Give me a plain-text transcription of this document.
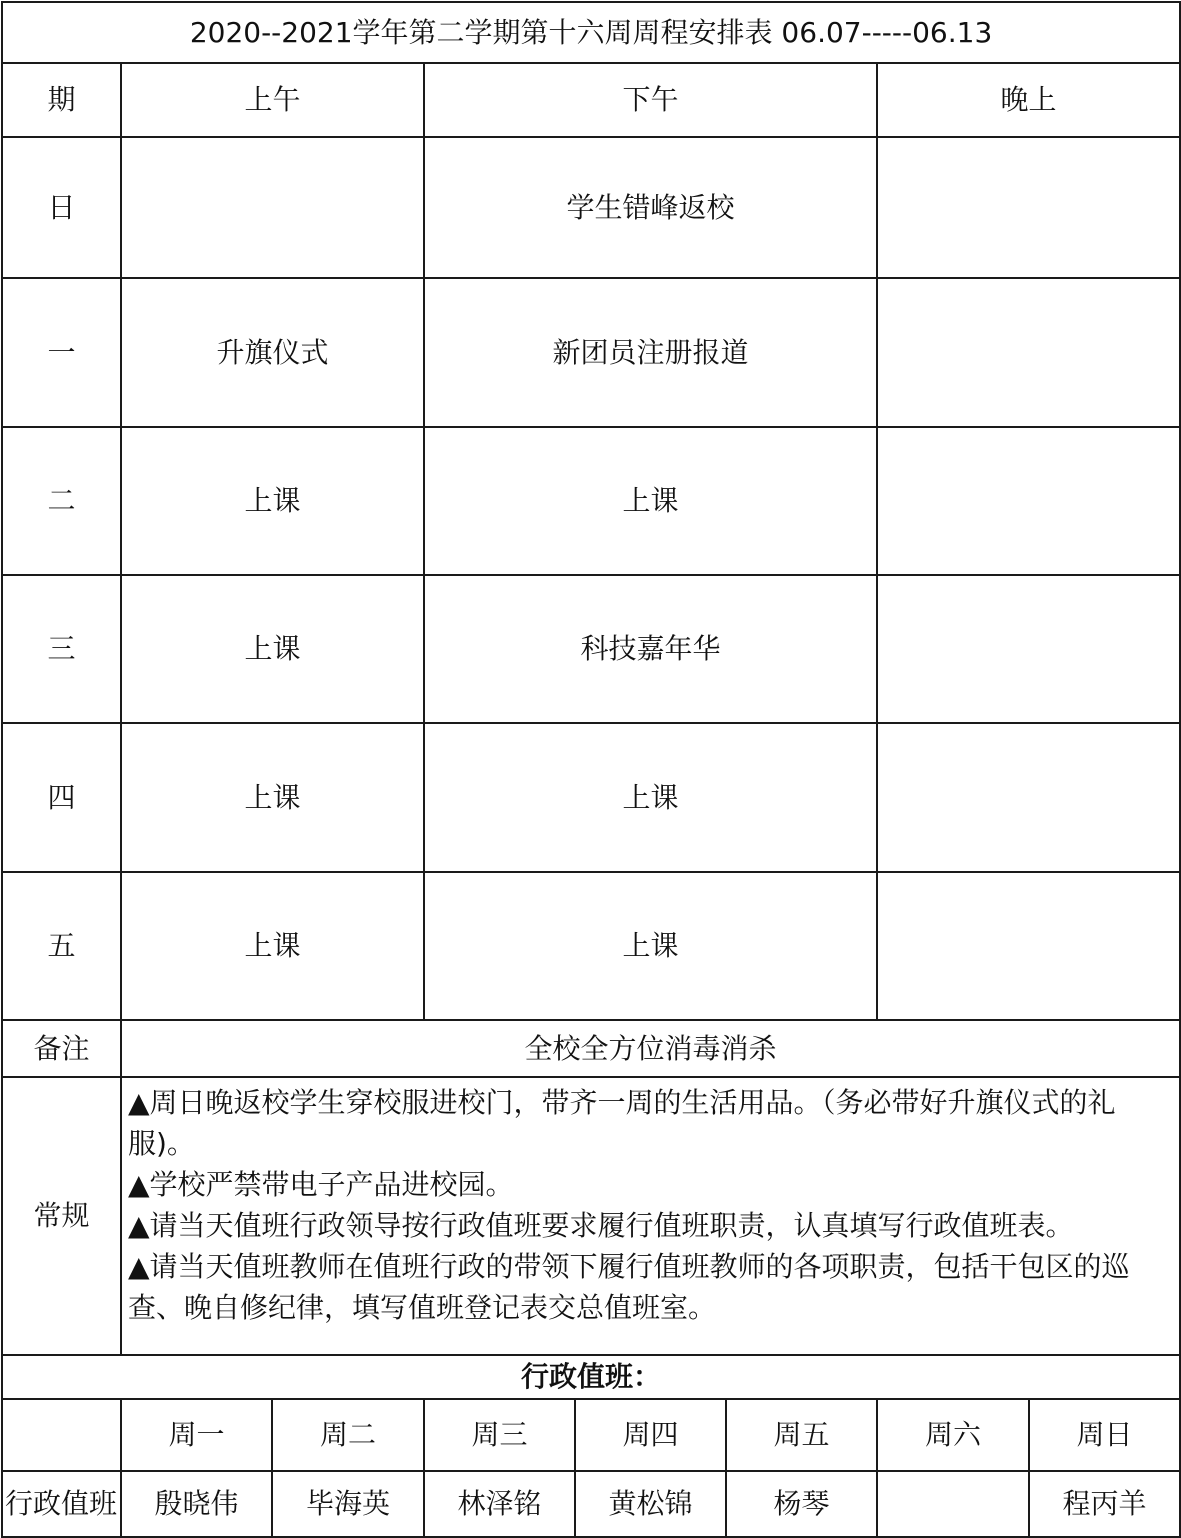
2020--2021学年第二学期第十六周周程安排表 06.07-----06.13							
期	上午		下午			晚上	
日			学生错峰返校				
一	升旗仪式		新团员注册报道				
二	上课		上课				
三	上课		科技嘉年华				
四	上课		上课				
五	上课		上课				
备注	全校全方位消毒消杀						
常规	▲周日晚返校学生穿校服进校门，带齐一周的生活用品。（务必带好升旗仪式的礼服)。
▲学校严禁带电子产品进校园。
▲请当天值班行政领导按行政值班要求履行值班职责，认真填写行政值班表。
▲请当天值班教师在值班行政的带领下履行值班教师的各项职责，包括干包区的巡查、晚自修纪律，填写值班登记表交总值班室。						

行政值班：							
	周一	周二	周三	周四	周五	周六	周日
行政值班	殷晓伟	毕海英	林泽铭	黄松锦	杨琴		程丙羊
